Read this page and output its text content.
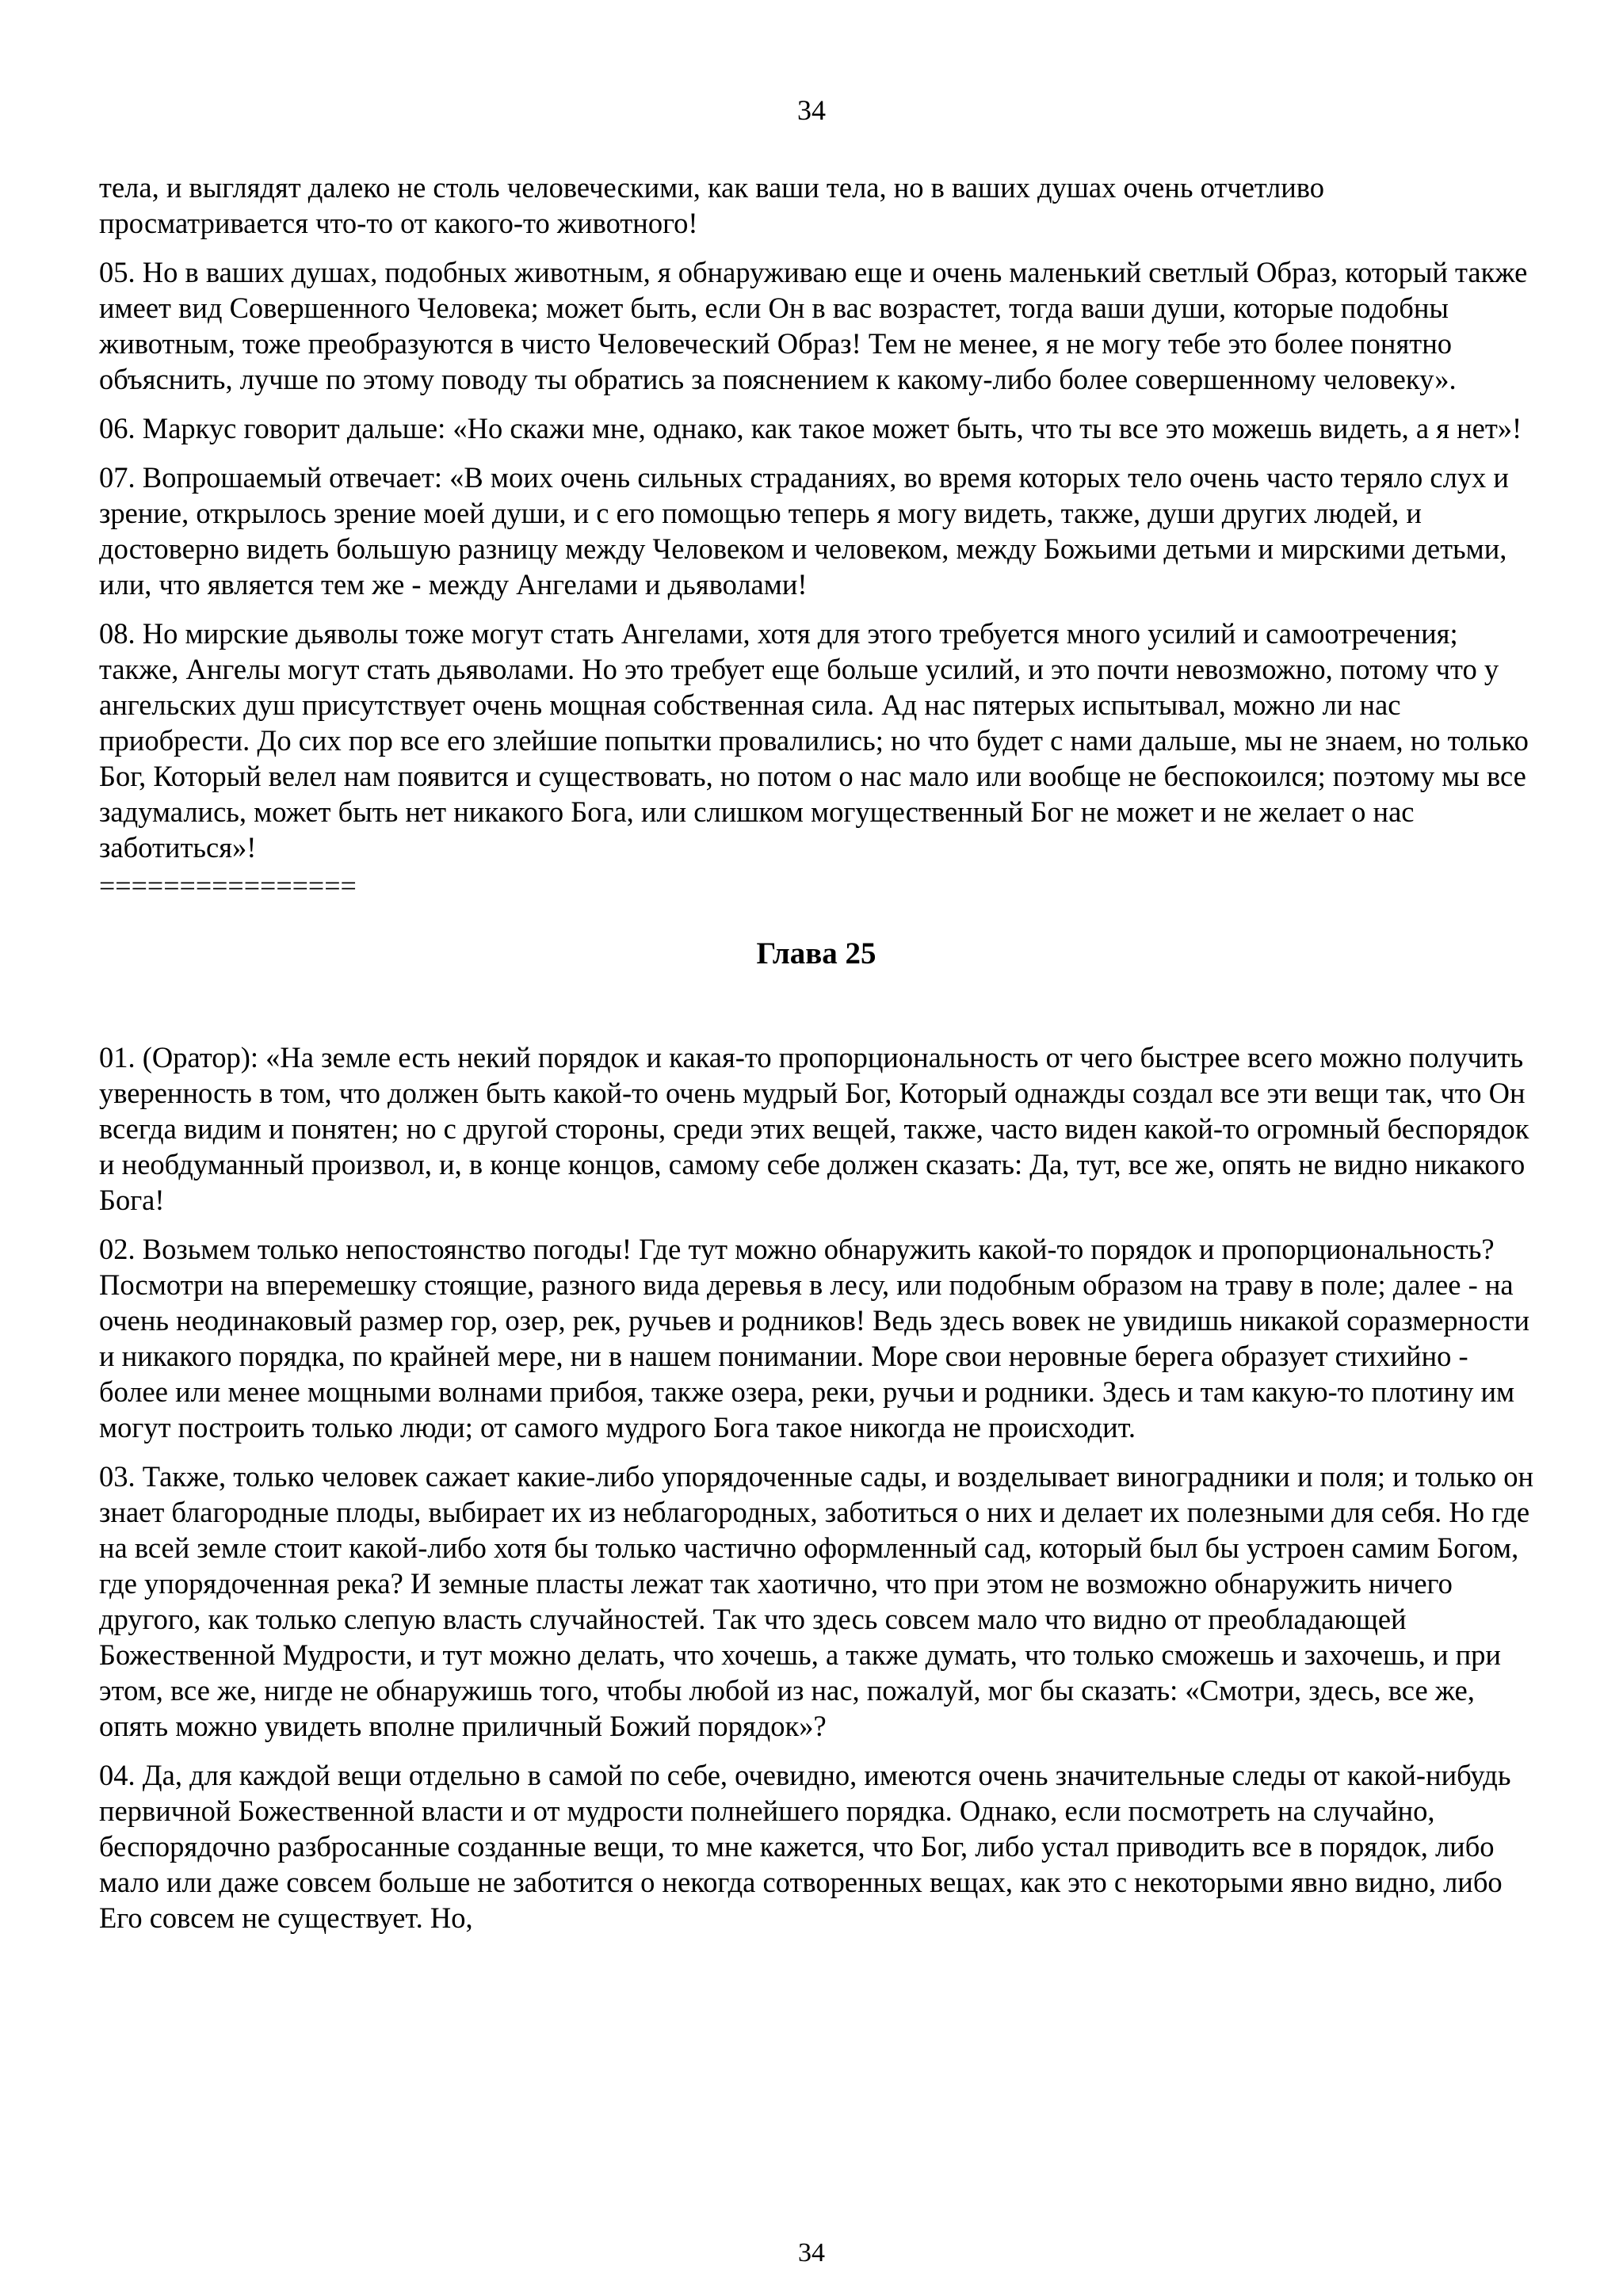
34

тела, и выглядят далеко не столь человеческими, как ваши тела, но в ваших душах очень отчетливо просматривается что-то от какого-то животного!

05. Но в ваших душах, подобных животным, я обнаруживаю еще и очень маленький светлый Образ, который также имеет вид Совершенного Человека; может быть, если Он в вас возрастет, тогда ваши души, которые подобны животным, тоже преобразуются в чисто Человеческий Образ! Тем не менее, я не могу тебе это более понятно объяснить, лучше по этому поводу ты обратись за пояснением к какому-либо более совершенному человеку».

06. Маркус говорит дальше: «Но скажи мне, однако, как такое может быть, что ты все это можешь видеть, а я нет»!

07. Вопрошаемый отвечает: «В моих очень сильных страданиях, во время которых тело очень часто теряло слух и зрение, открылось зрение моей души, и с его помощью теперь я могу видеть, также, души других людей, и достоверно видеть большую разницу между Человеком и человеком, между Божьими детьми и мирскими детьми, или, что является тем же - между Ангелами и дьяволами!

08. Но мирские дьяволы тоже могут стать Ангелами, хотя для этого требуется много усилий и самоотречения; также, Ангелы могут стать дьяволами. Но это требует еще больше усилий, и это почти невозможно, потому что у ангельских душ присутствует очень мощная собственная сила. Ад нас пятерых испытывал, можно ли нас приобрести. До сих пор все его злейшие попытки провалились; но что будет с нами дальше, мы не знаем, но только Бог, Который велел нам появится и существовать, но потом о нас мало или вообще не беспокоился; поэтому мы все задумались, может быть нет никакого Бога, или слишком могущественный Бог не может и не желает о нас заботиться»!

================
Глава 25

01. (Оратор): «На земле есть некий порядок и какая-то пропорциональность от чего быстрее всего можно получить уверенность в том, что должен быть какой-то очень мудрый Бог, Который однажды создал все эти вещи так, что Он всегда видим и понятен; но с другой стороны, среди этих вещей, также, часто виден какой-то огромный беспорядок и необдуманный произвол, и, в конце концов, самому себе должен сказать: Да, тут, все же, опять не видно никакого Бога!

02. Возьмем только непостоянство погоды! Где тут можно обнаружить какой-то порядок и пропорциональность? Посмотри на вперемешку стоящие, разного вида деревья в лесу, или подобным образом на траву в поле; далее - на очень неодинаковый размер гор, озер, рек, ручьев и родников! Ведь здесь вовек не увидишь никакой соразмерности и никакого порядка, по крайней мере, ни в нашем понимании. Море свои неровные берега образует стихийно - более или менее мощными волнами прибоя, также озера, реки, ручьи и родники. Здесь и там какую-то плотину им могут построить только люди; от самого мудрого Бога такое никогда не происходит.

03. Также, только человек сажает какие-либо упорядоченные сады, и возделывает виноградники и поля; и только он знает благородные плоды, выбирает их из неблагородных, заботиться о них и делает их полезными для себя. Но где на всей земле стоит какой-либо хотя бы только частично оформленный сад, который был бы устроен самим Богом, где упорядоченная река? И земные пласты лежат так хаотично, что при этом не возможно обнаружить ничего другого, как только слепую власть случайностей. Так что здесь совсем мало что видно от преобладающей Божественной Мудрости, и тут можно делать, что хочешь, а также думать, что только сможешь и захочешь, и при этом, все же, нигде не обнаружишь того, чтобы любой из нас, пожалуй, мог бы сказать: «Смотри, здесь, все же, опять можно увидеть вполне приличный Божий порядок»?

04. Да, для каждой вещи отдельно в самой по себе, очевидно, имеются очень значительные следы от какой-нибудь первичной Божественной власти и от мудрости полнейшего порядка. Однако, если посмотреть на случайно, беспорядочно разбросанные созданные вещи, то мне кажется, что Бог, либо устал приводить все в порядок, либо мало или даже совсем больше не заботится о некогда сотворенных вещах, как это с некоторыми явно видно, либо Его совсем не существует. Но,

34
